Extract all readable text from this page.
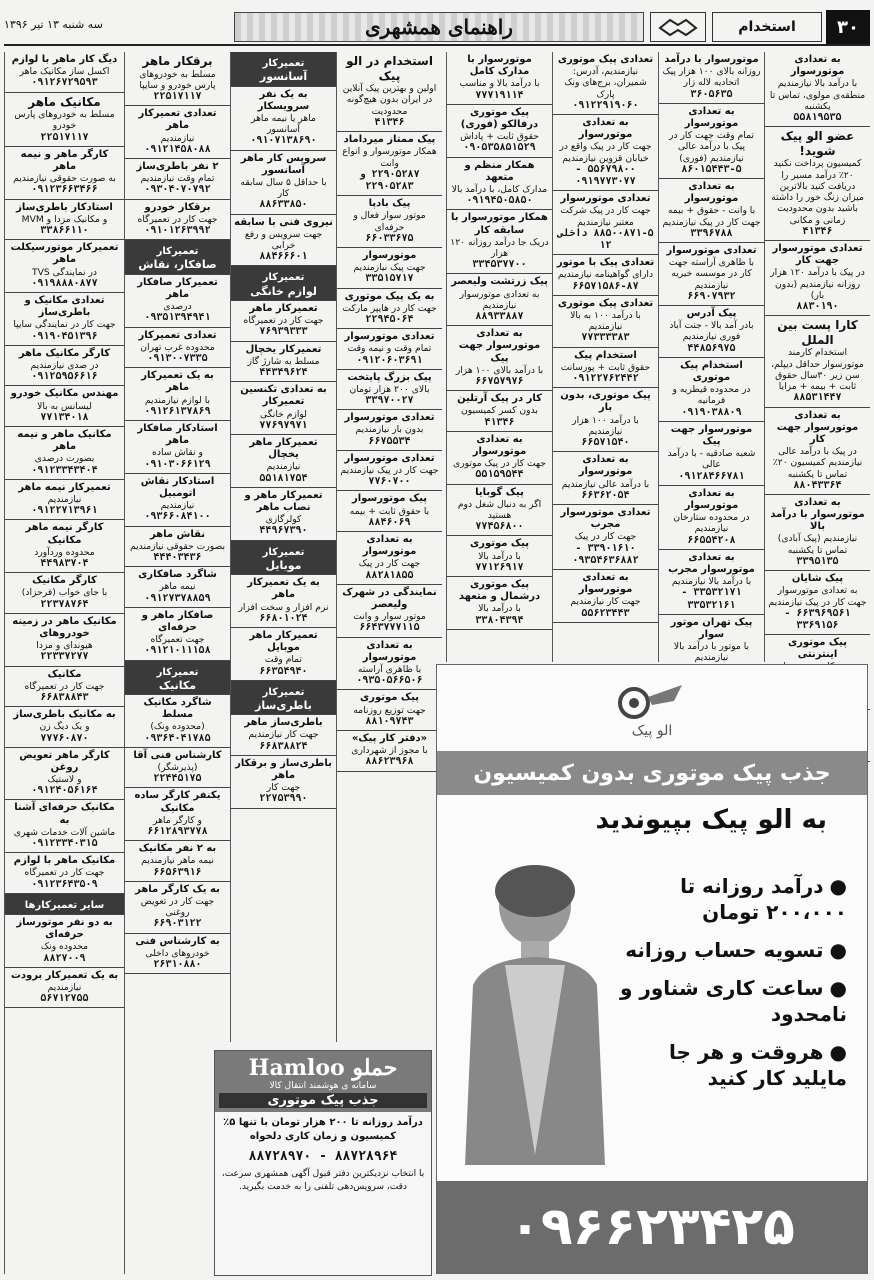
۳۰
استخدام
راهنمای همشهری
سه شنبه ۱۳ تیر ۱۳۹۶
به تعدادی موتورسوار
با درآمد بالا نیازمندیم منطقه‌ی مولوی، تماس تا یکشنبه
۵۵۸۱۹۵۳۵
عضو الو پیک شوید!
کمیسیون پرداخت نکنید ۲۰٪ درآمد مسیر را دریافت کنید بالاترین میزان زنگ خور را داشته باشید بدون محدودیت زمانی و مکانی
۴۱۳۴۶
تعدادی موتورسوار جهت کار
در پیک با درآمد ۱۲۰ هزار روزانه نیازمندیم (بدون بار)
۸۸۳۰۱۹۰
کارا پست بین الملل
استخدام کارمند موتورسوار حداقل دیپلم، سن زیر ۳۰سال حقوق ثابت + بیمه + مزایا
۸۸۵۳۱۴۴۷
به تعدادی موتورسوار جهت کار
در پیک با درآمد عالی نیازمندیم کمیسیون ۲۰٪ تماس تا یکشنبه
۸۸۰۴۳۳۶۴
به تعدادی موتورسوار با درآمد بالا
نیازمندیم (پیک آبادی) تماس تا یکشنبه
۳۳۹۵۱۳۵
پیک شایان
به تعدادی موتورسوار جهت کار در پیک نیازمندیم
۶۶۳۹۶۹۵۶۱ - ۳۳۶۹۱۵۶
پیک موتوری اینترنتی
موتورسوار با درآمد
روزانه بالای ۱۰۰ هزار پیک اتحادیه لاله زار
۳۶۰۵۶۳۵
به تعدادی موتورسوار
تمام وقت جهت کار در پیک با درآمد عالی نیازمندیم (فوری)
۸۶۰۱۵۴۴۳-۵
به تعدادی موتورسوار
با وانت - حقوق + بیمه جهت کار در پیک نیازمندیم
۳۳۹۶۷۸۸
تعدادی موتورسوار
با ظاهری آراسته جهت کار در موسسه خیریه نیازمندیم
۶۶۹۰۷۹۳۲
پیک آدرس
بادر آمد بالا - جنت آباد فوری نیازمندیم
۴۴۸۵۶۹۷۵
استخدام پیک موتوری
در محدوده قیطریه و فرمانیه
۰۹۱۹۰۳۸۸۰۹
موتورسوار جهت پیک
شعبه صادقیه - با درآمد عالی
۰۹۱۲۸۴۶۶۷۸۱
به تعدادی موتورسوار
در محدوده ستارخان نیازمندیم
۶۶۵۵۴۲۰۸
به تعدادی موتورسوار مجرب
با درآمد بالا نیازمندیم
۳۳۵۳۲۱۷۱ - ۳۳۵۳۲۱۶۱
پیک تهران موتور سوار
با موتور با درآمد بالا نیازمندیم
تعدادی پیک موتوری
نیازمندیم، آدرس: شمیران، برج‌های ونک پارک
۰۹۱۲۲۹۱۹۰۶۰
به تعدادی موتورسوار
جهت کار در پیک واقع در خیابان قزوین نیازمندیم
۵۵۶۷۹۸۰۰ - ۰۹۱۹۷۷۳۰۷۷
تعدادی موتورسوار
جهت کار در پیک شرکت معتبر نیازمندیم
۸۸۵۰۰۸۷۱-۵ داخلی ۱۲
تعدادی پیک با موتور
دارای گواهینامه نیازمندیم
۶۶۵۷۱۵۸۶-۸۷
تعدادی پیک موتوری
با درآمد ۱۰۰ به بالا نیازمندیم
۷۷۳۳۳۳۸۳
استخدام پیک
حقوق ثابت + پورسانت
۰۹۱۲۲۷۶۲۴۴۲
پیک موتوری، بدون بار
با درآمد ۱۰۰ هزار نیازمندیم
۶۶۵۷۱۵۴۰
به تعدادی موتورسوار
با درآمد عالی نیازمندیم
۶۶۳۶۲۰۵۴
تعدادی موتورسوار مجرب
جهت کار در پیک
۳۳۹۰۱۶۱۰ - ۰۹۳۵۴۶۳۶۸۸۲
به تعدادی موتورسوار
جهت کار نیازمندیم
۵۵۶۲۳۴۴۳
موتورسوار با مدارک کامل
با درآمد بالا و مناسب
۷۷۷۱۹۱۱۴
پیک موتوری درفالکو (فوری)
حقوق ثابت + پاداش
۰۹۰۵۳۵۸۵۱۵۲۹
همکار منظم و متعهد
مدارک کامل، با درآمد بالا
۰۹۱۹۴۵۰۵۸۵۰
همکار موتورسوار با سابقه کار
دریک جا درآمد روزانه ۱۲۰ هزار
۳۳۴۵۳۷۷۰۰
پیک زرتشت ولیعصر
به تعدادی موتورسوار نیازمندیم
۸۸۹۳۳۸۸۷
به تعدادی موتورسوار جهت پیک
با درآمد بالای ۱۰۰ هزار
۶۶۷۵۷۹۷۶
کار در پیک آرتلین
بدون کسر کمیسیون
۴۱۳۴۶
به تعدادی موتورسوار
جهت کار در پیک موتوری
۵۵۱۵۹۵۴۴
پیک گوبایا
اگر به دنبال شغل دوم هستید
۷۷۴۵۶۸۰۰
پیک موتوری
با درآمد بالا
۷۷۱۲۶۹۱۷
پیک موتوری درشمال و متعهد
با درآمد بالا
۳۳۸۰۴۳۹۴
استخدام در الو پیک
اولین و بهترین پیک آنلاین در ایران بدون هیچ‌گونه محدودیت
۴۱۳۴۶
پیک ممتاز میرداماد
همکار موتورسوار و انواع وانت
۲۲۹۰۵۲۸۷ و ۲۲۹۰۵۲۸۳
پیک بادپا
موتور سوار فعال و حرفه‌ای
۶۶۰۳۳۶۷۵
موتورسوار
جهت پیک نیازمندیم
۳۳۵۱۵۷۱۷
به یک پیک موتوری
جهت کار در هایپر مارکت
۲۲۹۴۵۰۶۴
تعدادی موتورسوار
تمام وقت و نیمه وقت
۰۹۱۲۰۶۰۳۶۹۱
پیک بزرگ پایتخت
بالای ۲۰۰ هزار تومان
۳۳۹۷۰۰۲۷
تعدادی موتورسوار
بدون بار نیازمندیم
۶۶۷۵۵۳۴
تعدادی موتورسوار
جهت کار در پیک نیازمندیم
۷۷۶۰۷۰۰
پیک موتورسوار
با حقوق ثابت + بیمه
۸۸۴۶۰۶۹
به تعدادی موتورسوار
جهت کار در پیک
۸۸۲۸۱۸۵۵
نمایندگی در شهرک ولیعصر
موتور سوار و وانت
۶۶۴۳۷۷۷۱۱۵
به تعدادی موتورسوار
با ظاهری آراسته
۰۹۳۵۰۵۶۶۵۰۶
پیک موتوری
جهت توزیع روزنامه
۸۸۱۰۹۷۴۳
«دفتر کار پیک»
با مجوز از شهرداری
۸۸۶۲۳۹۶۸
تعمیرکار
آسانسور
به یک نفر سرویسکار
ماهر یا نیمه ماهر آسانسور
۰۹۱۰۷۱۳۸۶۹۰
سرویس کار ماهر آسانسور
با حداقل ۵ سال سابقه کار
۸۸۶۳۳۸۵۰
نیروی فنی با سابقه
جهت سرویس و رفع خرابی
۸۸۴۶۶۶۰۱
تعمیرکار
لوازم خانگی
تعمیرکار ماهر
جهت کار در تعمیرگاه
۷۶۹۳۹۳۳۳
تعمیرکار یخچال
مسلط به شارژ گاز
۴۴۳۴۹۶۲۴
به تعدادی تکنسین تعمیرکار
لوازم خانگی
۷۷۶۹۷۹۷۱
تعمیرکار ماهر یخچال
نیازمندیم
۵۵۱۸۱۷۵۴
تعمیرکار ماهر و نصاب ماهر
کولرگازی
۴۴۹۶۷۳۹۰
تعمیرکار
موبایل
به یک تعمیرکار ماهر
نرم افزار و سخت افزار
۶۶۸۰۱۰۲۴
تعمیرکار ماهر موبایل
تمام وقت
۶۶۳۵۴۹۴۰
تعمیرکار
باطری‌ساز
باطری‌ساز ماهر
جهت کار نیازمندیم
۶۶۸۳۸۸۲۴
باطری‌ساز و برقکار ماهر
جهت کار
۲۲۷۵۳۹۹۰
برقکار ماهر
مسلط به خودروهای پارس خودرو و سایپا
۲۲۵۱۷۱۱۷
تعدادی تعمیرکار ماهر
نیازمندیم
۰۹۱۲۱۴۵۸۰۸۸
۲ نفر باطری‌ساز
تمام وقت نیازمندیم
۰۹۳۰۴۰۷۰۷۹۲
برقکار خودرو
جهت کار در تعمیرگاه
۰۹۱۰۱۲۶۳۹۹۲
تعمیرکار
صافکار، نقاش
تعمیرکار صافکار ماهر
درصدی
۰۹۳۵۱۳۹۴۹۴۱
تعدادی تعمیرکار
محدوده غرب تهران
۰۹۱۳۰۰۷۳۳۵
به یک تعمیرکار ماهر
با لوازم نیازمندیم
۰۹۱۲۶۱۳۷۸۶۹
استادکار صافکار ماهر
و نقاش ساده
۰۹۱۰۳۰۶۶۱۲۹
استادکار نقاش اتومبیل
نیازمندیم
۰۹۳۶۶۰۸۴۱۰۰
نقاش ماهر
بصورت حقوقی نیازمندیم
۴۴۴۰۳۴۳۶
شاگرد صافکاری
نیمه ماهر
۰۹۱۲۷۳۷۸۸۵۹
صافکار ماهر و حرفه‌ای
جهت تعمیرگاه
۰۹۱۲۱۰۱۱۱۵۸
تعمیرکار
مکانیک
شاگرد مکانیک مسلط
(محدوده ونک)
۰۹۳۶۴۰۴۱۷۸۵
کارشناس فنی آقا
(پذیرشگر)
۲۲۴۴۵۱۷۵
یکنفر کارگر ساده مکانیک
و کارگر ماهر
۶۶۱۲۸۹۳۷۷۸
به ۲ نفر مکانیک
نیمه ماهر نیازمندیم
۶۶۵۶۳۹۱۶
به یک کارگر ماهر
جهت کار در تعویض روغنی
۶۶۹۰۳۱۲۲
به کارشناس فنی
خودروهای داخلی
۲۶۳۱۰۸۸۰
دیگ کار ماهر با لوازم
اکسل ساز مکانیک ماهر
۰۹۱۲۶۷۲۹۵۹۳
مکانیک ماهر
مسلط به خودروهای پارس خودرو
۲۲۵۱۷۱۱۷
کارگر ماهر و نیمه ماهر
به صورت حقوقی نیازمندیم
۰۹۱۲۳۶۶۳۴۶۶
استادکار باطری‌ساز
و مکانیک مزدا و MVM
۳۳۸۶۶۱۱۰
تعمیرکار موتورسیکلت ماهر
در نمایندگی TVS
۰۹۱۹۸۸۸۰۸۷۷
تعدادی مکانیک و باطری‌ساز
جهت کار در نمایندگی سایپا
۰۹۱۹۰۴۵۱۳۹۶
کارگر مکانیک ماهر
در صدی نیازمندیم
۰۹۱۲۵۹۵۶۶۱۶
مهندس مکانیک خودرو
لیسانس به بالا
۷۷۱۳۴۰۱۸
مکانیک ماهر و نیمه ماهر
بصورت درصدی
۰۹۱۲۳۳۴۳۴۰۴
تعمیرکار نیمه ماهر
نیازمندیم
۰۹۱۲۲۷۱۳۹۶۱
کارگر نیمه ماهر مکانیک
محدوده وردآورد
۴۴۹۸۳۷۰۴
کارگر مکانیک
با جای خواب (فرحزاد)
۲۲۳۷۸۷۶۴
مکانیک ماهر در زمینه خودروهای
هیوندای و مزدا
۲۲۳۳۷۲۷۷
مکانیک
جهت کار در تعمیرگاه
۶۶۸۳۸۸۴۳
به مکانیک باطری‌ساز
و یک دیگ زن
۷۷۷۶۰۸۷۰
کارگر ماهر تعویض روغن
و لاستیک
۰۹۱۲۴۰۵۶۱۶۴
مکانیک حرفه‌ای آشنا به
ماشین آلات خدمات شهری
۰۹۱۲۳۳۴۰۳۱۵
مکانیک ماهر با لوازم
جهت کار در تعمیرگاه
۰۹۱۲۳۶۴۳۵۰۹
سایر تعمیرکارها
به دو نفر موتورساز حرفه‌ای
محدوده ونک
۸۸۲۷۰۰۹
به یک تعمیرکار برودت
نیازمندیم
۵۶۷۱۲۷۵۵
الو پیک
جذب پیک موتوری بدون کمیسیون
به الو پیک بپیوندید
● درآمد روزانه تا ۲۰۰،۰۰۰ تومان
● تسویه حساب روزانه
● ساعت کاری شناور و نامحدود
● هروقت و هر جا مایلید کار کنید
۰۹۶۶۲۳۴۲۵
حملو Hamloo
سامانه ی هوشمند انتقال کالا
جذب پیک موتوری
درآمد روزانه تا ۲۰۰ هزار تومان با تنها ۵٪ کمیسیون و زمان کاری دلخواه
۸۸۷۲۸۹۶۴ - ۸۸۷۲۸۹۷۰
با انتخاب نزدیکترین دفتر قبول آگهی همشهری سرعت، دقت، سرویس‌دهی تلفنی را به خدمت بگیرید.
